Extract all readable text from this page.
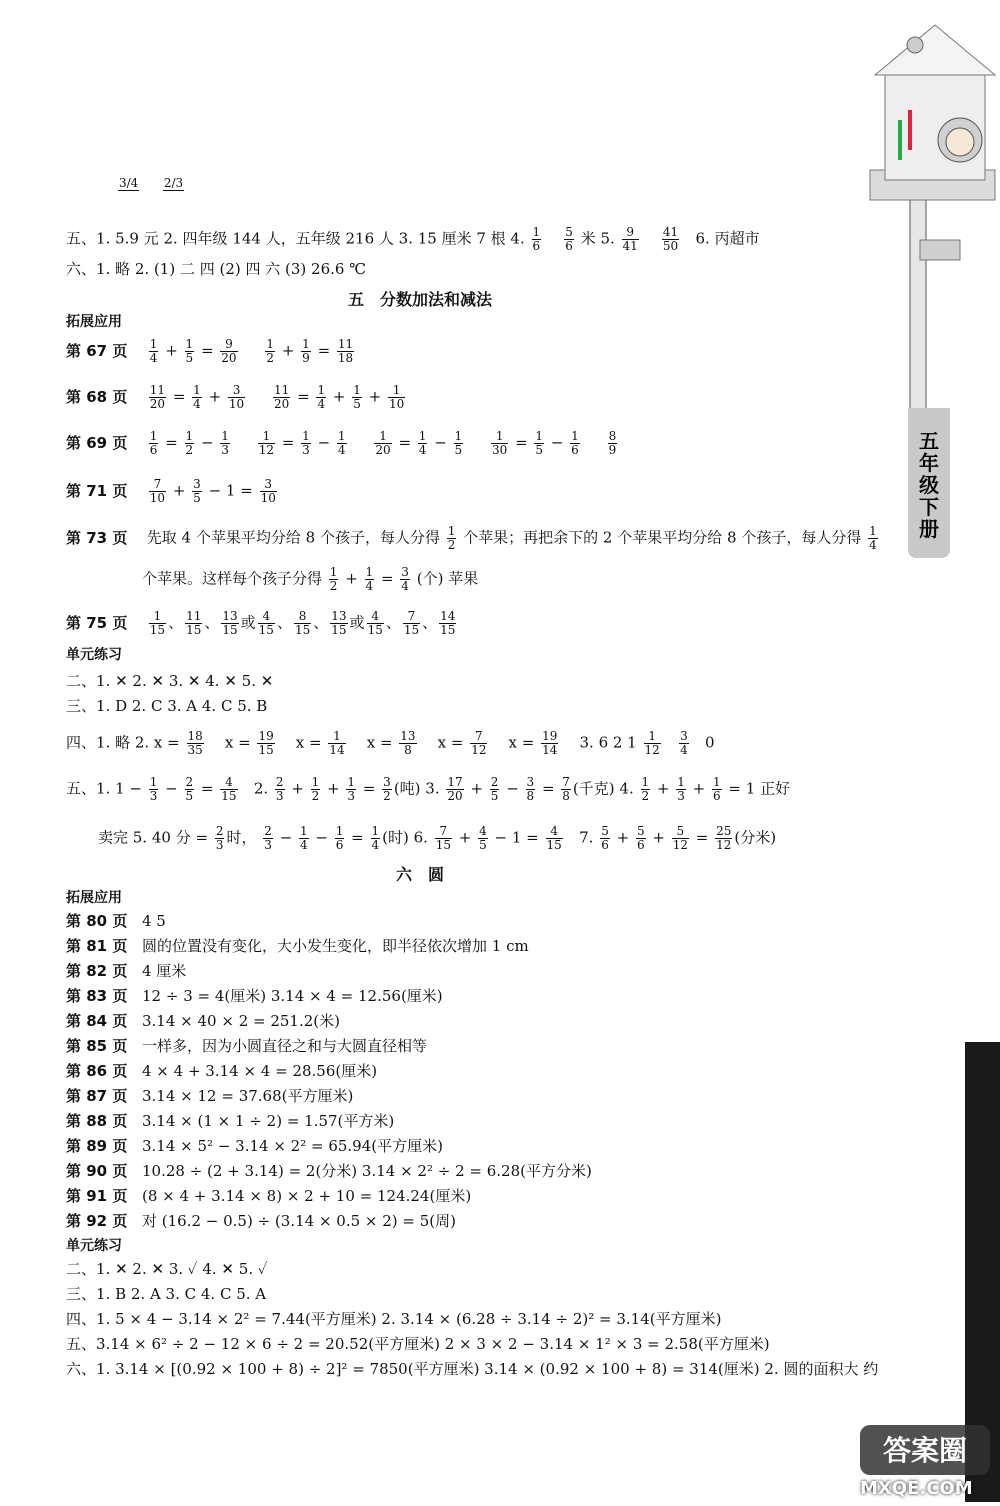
五
年
级
下
册
3/4
2/3
五、1. 5.9 元 2. 四年级 144 人，五年级 216 人 3. 15 厘米 7 根 4. $\frac{1}{6}$
$\frac{5}{6}$ 米 5. $\frac{9}{41}$
$\frac{41}{50} 6$. 丙超市
六、1. 略 2. (1) 二 四 (2) 四 六 (3) 26.6 ℃
五　分数加法和减法
拓展应用
第 67 页 $\frac{1}{4} + \frac{1}{5} = \frac{9}{20}$
$\frac{1}{2} + \frac{1}{9} = \frac{11}{18}$
第 68 页 $\frac{11}{20} = \frac{1}{4} + \frac{3}{10}$
$\frac{11}{20} = \frac{1}{4} + \frac{1}{5} + \frac{1}{10}$
第 69 页 $\frac{1}{6} = \frac{1}{2} - \frac{1}{3}$
$\frac{1}{12} = \frac{1}{3} - \frac{1}{4}$
$\frac{1}{20} = \frac{1}{4} - \frac{1}{5}$
$\frac{1}{30} = \frac{1}{5} - \frac{1}{6}$
$\frac{8}{9}$
第 71 页 $\frac{7}{10} + \frac{3}{5} - 1 = \frac{3}{10}$
第 73 页 先取 4 个苹果平均分给 8 个孩子，每人分得 $\frac{1}{2}$ 个苹果；再把余下的 2 个苹果平均分给 8 个孩子，每人分得 $\frac{1}{4}$
个苹果。这样每个孩子分得 $\frac{1}{2} + \frac{1}{4} = \frac{3}{4}$ (个) 苹果
第 75 页 $\frac{1}{15}$ 、 $\frac{11}{15}$ 、 $\frac{13}{15}$ 或 $\frac{4}{15}$ 、 $\frac{8}{15}$ 、 $\frac{13}{15}$ 或 $\frac{4}{15}$ 、 $\frac{7}{15}$ 、 $\frac{14}{15}$
单元练习
二、1. ✕ 2. ✕ 3. ✕ 4. ✕ 5. ✕
三、1. D 2. C 3. A 4. C 5. B
四、1. 略 2. $x = \frac{18}{35}$ $x = \frac{19}{15}$ $x = \frac{1}{14}$ $x = \frac{13}{8}$ $x = \frac{7}{12}$ $x = \frac{19}{14} 3$. 6 2 $1 \frac{1}{12}$
$\frac{3}{4} 0$
五、1. $1 - \frac{1}{3} - \frac{2}{5} = \frac{4}{15} 2$. $\frac{2}{3} + \frac{1}{2} + \frac{1}{3} = \frac{3}{2}$ (吨) 3. $\frac{17}{20} + \frac{2}{5} - \frac{3}{8} = \frac{7}{8}$ (千克) 4. $\frac{1}{2} + \frac{1}{3} + \frac{1}{6} = 1$ 正好
卖完 5. 40 分 = $\frac{2}{3}$ 时， $\frac{2}{3} - \frac{1}{4} - \frac{1}{6} = \frac{1}{4}$ (时) 6. $\frac{7}{15} + \frac{4}{5} - 1 = \frac{4}{15} 7$. $\frac{5}{6} + \frac{5}{6} + \frac{5}{12} = \frac{25}{12}$ (分米)
六　圆
拓展应用
第 80 页 4 5
第 81 页 圆的位置没有变化，大小发生变化，即半径依次增加 1 cm
第 82 页 4 厘米
第 83 页 12 ÷ 3 = 4(厘米) 3.14 × 4 = 12.56(厘米)
第 84 页 3.14 × 40 × 2 = 251.2(米)
第 85 页 一样多，因为小圆直径之和与大圆直径相等
第 86 页 4 × 4 + 3.14 × 4 = 28.56(厘米)
第 87 页 3.14 × 12 = 37.68(平方厘米)
第 88 页 3.14 × (1 × 1 ÷ 2) = 1.57(平方米)
第 89 页 3.14 × 5² − 3.14 × 2² = 65.94(平方厘米)
第 90 页 10.28 ÷ (2 + 3.14) = 2(分米) 3.14 × 2² ÷ 2 = 6.28(平方分米)
第 91 页 (8 × 4 + 3.14 × 8) × 2 + 10 = 124.24(厘米)
第 92 页 对 (16.2 − 0.5) ÷ (3.14 × 0.5 × 2) = 5(周)
单元练习
二、1. ✕ 2. ✕ 3. ✓ 4. ✕ 5. ✓
三、1. B 2. A 3. C 4. C 5. A
四、1. 5 × 4 − 3.14 × 2² = 7.44(平方厘米) 2. 3.14 × (6.28 ÷ 3.14 ÷ 2)² = 3.14(平方厘米)
五、3.14 × 6² ÷ 2 − 12 × 6 ÷ 2 = 20.52(平方厘米) 2 × 3 × 2 − 3.14 × 1² × 3 = 2.58(平方厘米)
六、1. 3.14 × [(0.92 × 100 + 8) ÷ 2]² = 7850(平方厘米) 3.14 × (0.92 × 100 + 8) = 314(厘米) 2. 圆的面积大 约
答案圈
MXQE.COM
